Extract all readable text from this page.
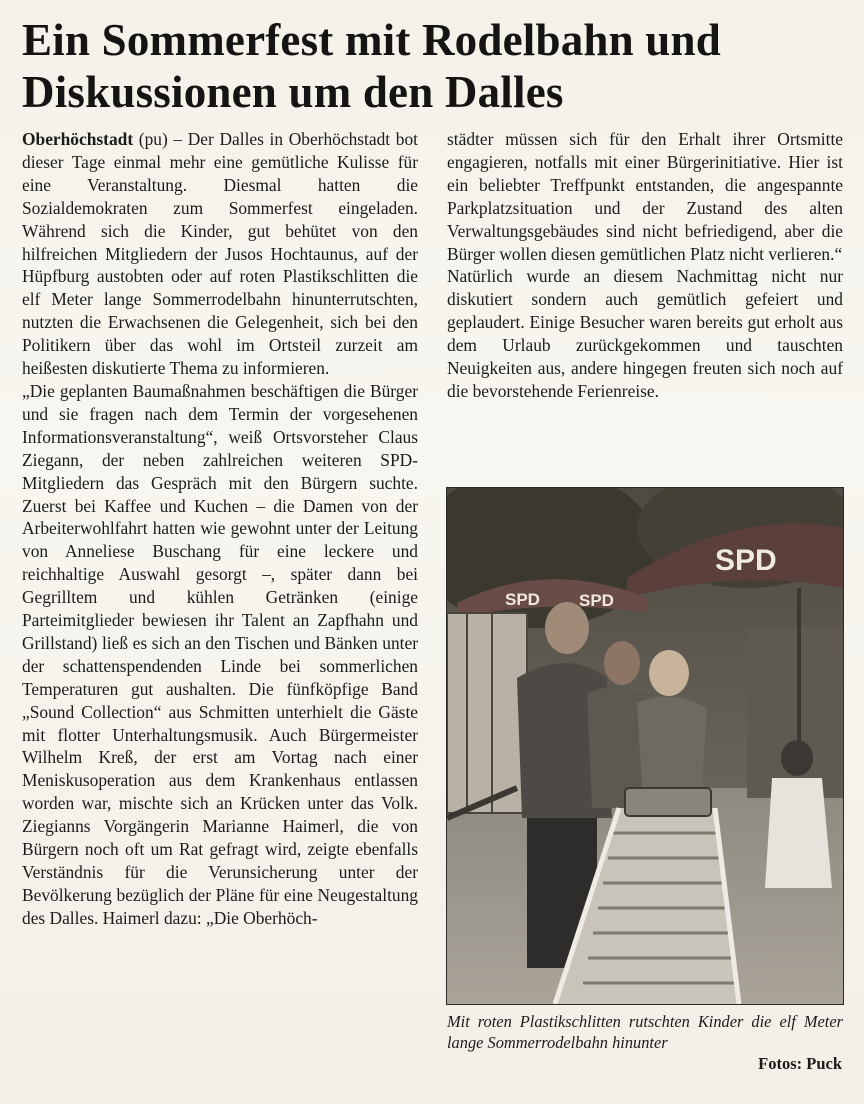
Ein Sommerfest mit Rodelbahn und
Diskussionen um den Dalles

Oberhöchstadt (pu) – Der Dalles in Oberhöchstadt bot dieser Tage einmal mehr eine gemütliche Kulisse für eine Veranstaltung. Diesmal hatten die Sozialdemokraten zum Sommerfest eingeladen. Während sich die Kinder, gut behütet von den hilfreichen Mitgliedern der Jusos Hochtaunus, auf der Hüpfburg austobten oder auf roten Plastikschlitten die elf Meter lange Sommerrodelbahn hinunterrutschten, nutzten die Erwachsenen die Gelegenheit, sich bei den Politikern über das wohl im Ortsteil zurzeit am heißesten diskutierte Thema zu informieren.

„Die geplanten Baumaßnahmen beschäftigen die Bürger und sie fragen nach dem Termin der vorgesehenen Informationsveranstaltung“, weiß Ortsvorsteher Claus Ziegann, der neben zahlreichen weiteren SPD-Mitgliedern das Gespräch mit den Bürgern suchte. Zuerst bei Kaffee und Kuchen – die Damen von der Arbeiterwohlfahrt hatten wie gewohnt unter der Leitung von Anneliese Buschang für eine leckere und reichhaltige Auswahl gesorgt –, später dann bei Gegrilltem und kühlen Getränken (einige Parteimitglieder bewiesen ihr Talent an Zapfhahn und Grillstand) ließ es sich an den Tischen und Bänken unter der schattenspendenden Linde bei sommerlichen Temperaturen gut aushalten. Die fünfköpfige Band „Sound Collection“ aus Schmitten unterhielt die Gäste mit flotter Unterhaltungsmusik. Auch Bürgermeister Wilhelm Kreß, der erst am Vortag nach einer Meniskusoperation aus dem Krankenhaus entlassen worden war, mischte sich an Krücken unter das Volk. Ziegianns Vorgängerin Marianne Haimerl, die von Bürgern noch oft um Rat gefragt wird, zeigte ebenfalls Verständnis für die Verunsicherung unter der Bevölkerung bezüglich der Pläne für eine Neugestaltung des Dalles. Haimerl dazu: „Die Oberhöch-

städter müssen sich für den Erhalt ihrer Ortsmitte engagieren, notfalls mit einer Bürgerinitiative. Hier ist ein beliebter Treffpunkt entstanden, die angespannte Parkplatzsituation und der Zustand des alten Verwaltungsgebäudes sind nicht befriedigend, aber die Bürger wollen diesen gemütlichen Platz nicht verlieren.“

Natürlich wurde an diesem Nachmittag nicht nur diskutiert sondern auch gemütlich gefeiert und geplaudert. Einige Besucher waren bereits gut erholt aus dem Urlaub zurückgekommen und tauschten Neuigkeiten aus, andere hingegen freuten sich noch auf die bevorstehende Ferienreise.

SPD
SPD SPD

Mit roten Plastikschlitten rutschten Kinder die elf Meter lange Sommerrodelbahn hinunter

Fotos: Puck
